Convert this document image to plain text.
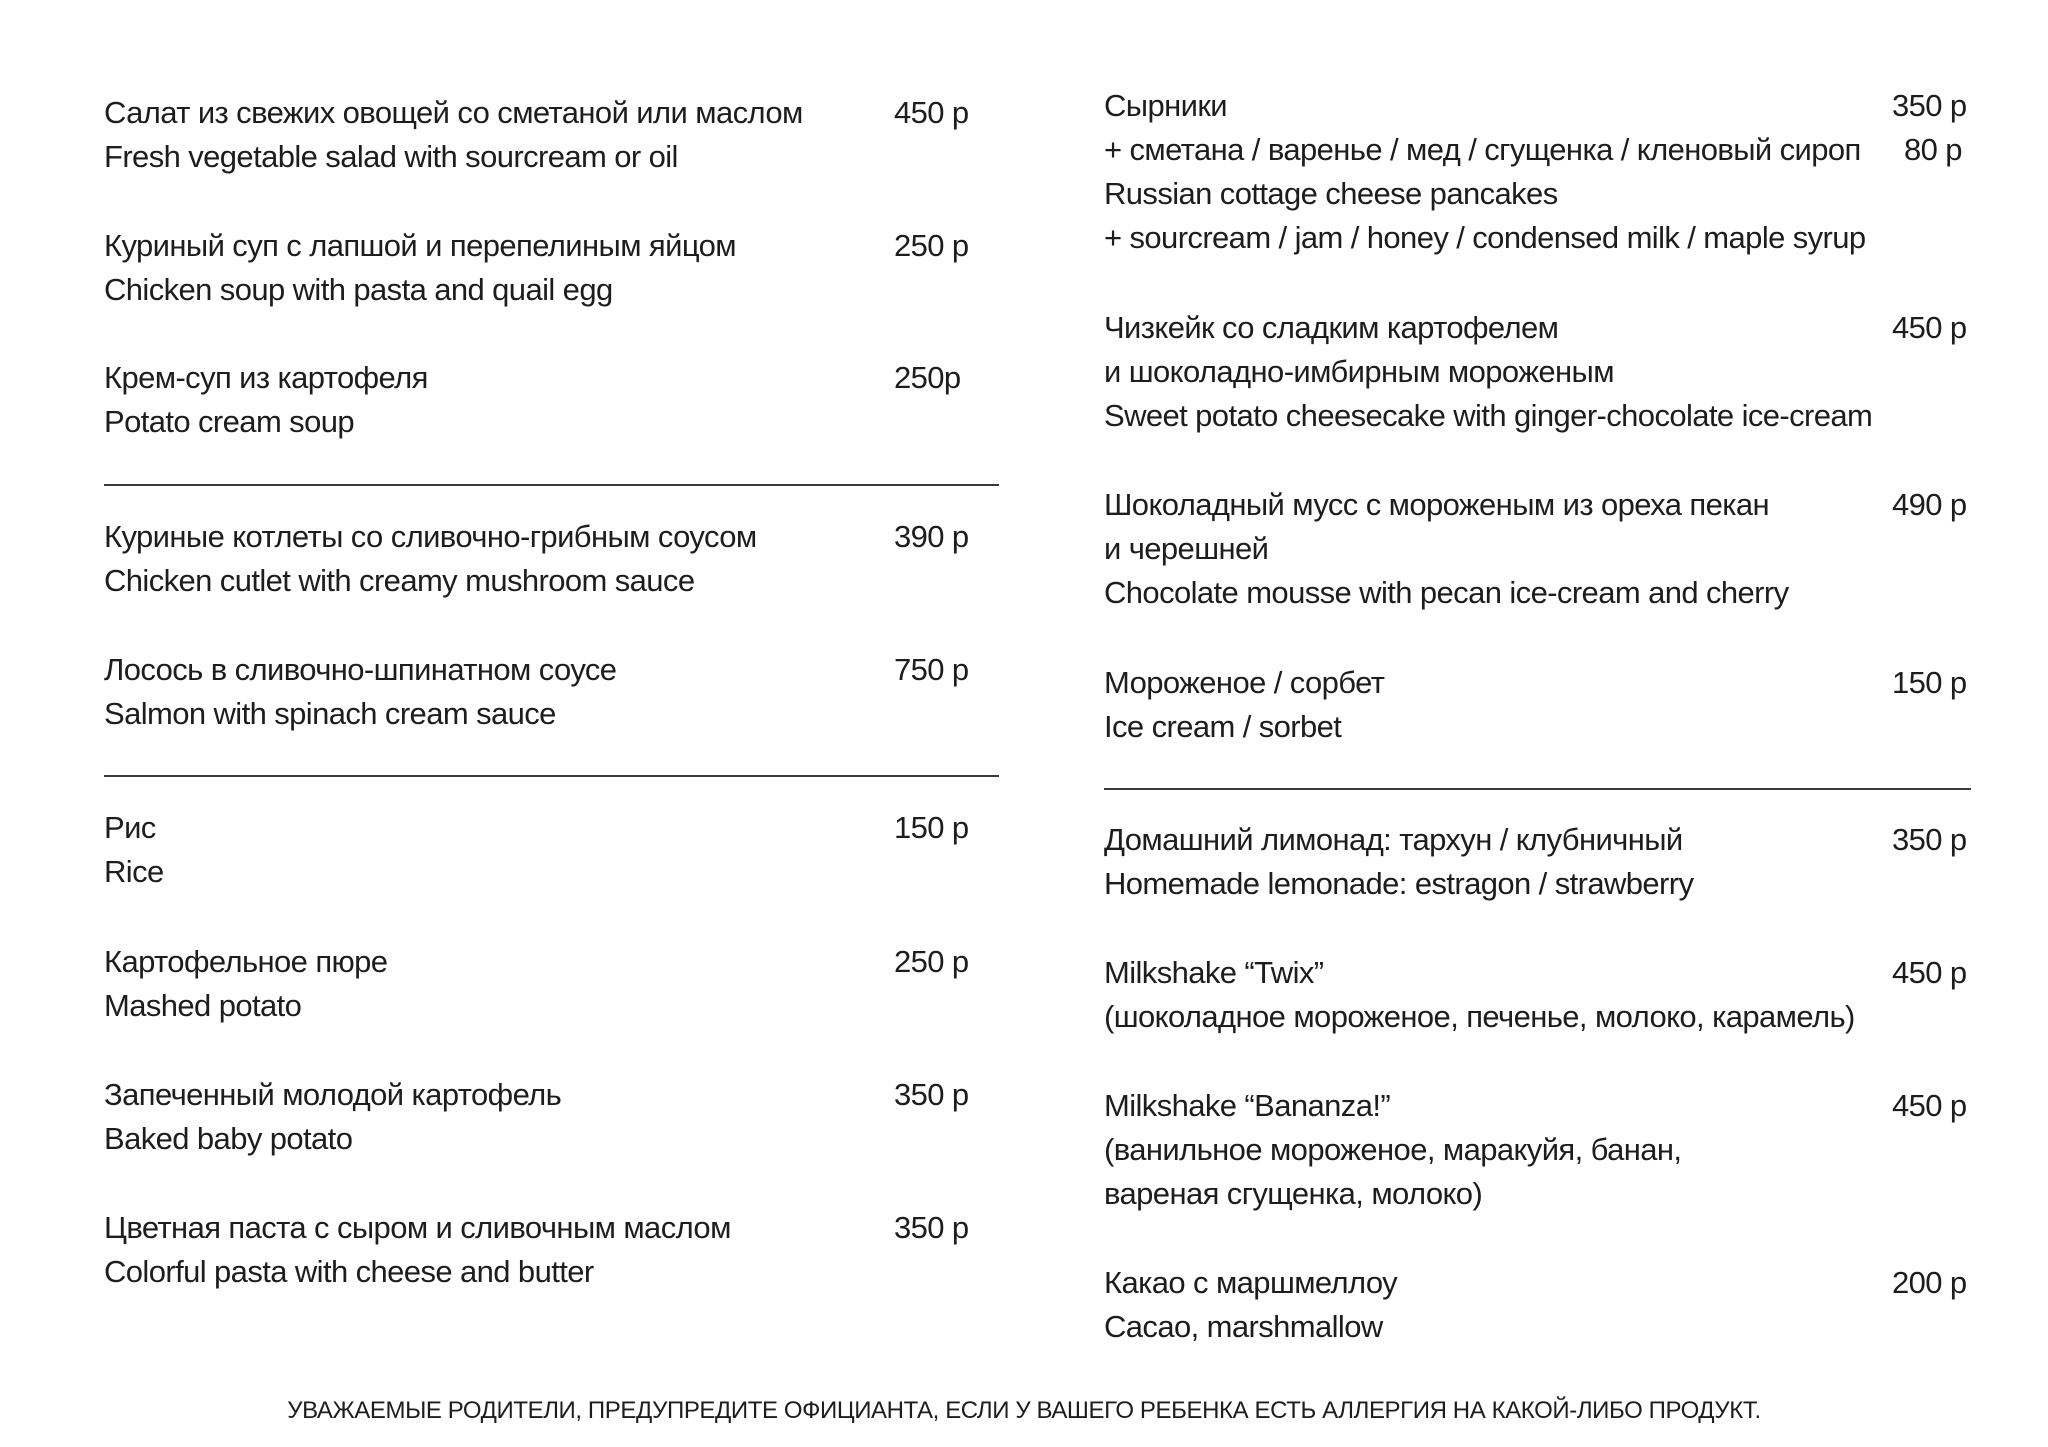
Салат из свежих овощей со сметаной или маслом
Fresh vegetable salad with sourcream or oil
450 р
Куриный суп с лапшой и перепелиным яйцом
Chicken soup with pasta and quail egg
250 р
Крем-суп из картофеля
Potato cream soup
250р
Куриные котлеты со сливочно-грибным соусом
Chicken cutlet with creamy mushroom sauce
390 р
Лосось в сливочно-шпинатном соусе
Salmon with spinach cream sauce
750 р
Рис
Rice
150 р
Картофельное пюре
Mashed potato
250 р
Запеченный молодой картофель
Baked baby potato
350 р
Цветная паста с сыром и сливочным маслом
Colorful pasta with cheese and butter
350 р
Сырники
+ сметана / варенье / мед / сгущенка / кленовый сироп
Russian cottage cheese pancakes
+ sourcream / jam / honey / condensed milk / maple syrup
350 р
80 р
Чизкейк со сладким картофелем
и шоколадно-имбирным мороженым
Sweet potato cheesecake with ginger-chocolate ice-cream
450 р
Шоколадный мусс с мороженым из ореха пекан
и черешней
Chocolate mousse with pecan ice-cream and cherry
490 р
Мороженое / сорбет
Ice cream / sorbet
150 р
Домашний лимонад: тархун / клубничный
Homemade lemonade: estragon / strawberry
350 р
Milkshake “Twix”
(шоколадное мороженое, печенье, молоко, карамель)
450 р
Milkshake “Bananza!”
(ванильное мороженое, маракуйя, банан,
вареная сгущенка, молоко)
450 р
Какао с маршмеллоу
Cacao, marshmallow
200 р
УВАЖАЕМЫЕ РОДИТЕЛИ, ПРЕДУПРЕДИТЕ ОФИЦИАНТА, ЕСЛИ У ВАШЕГО РЕБЕНКА ЕСТЬ АЛЛЕРГИЯ НА КАКОЙ-ЛИБО ПРОДУКТ.
